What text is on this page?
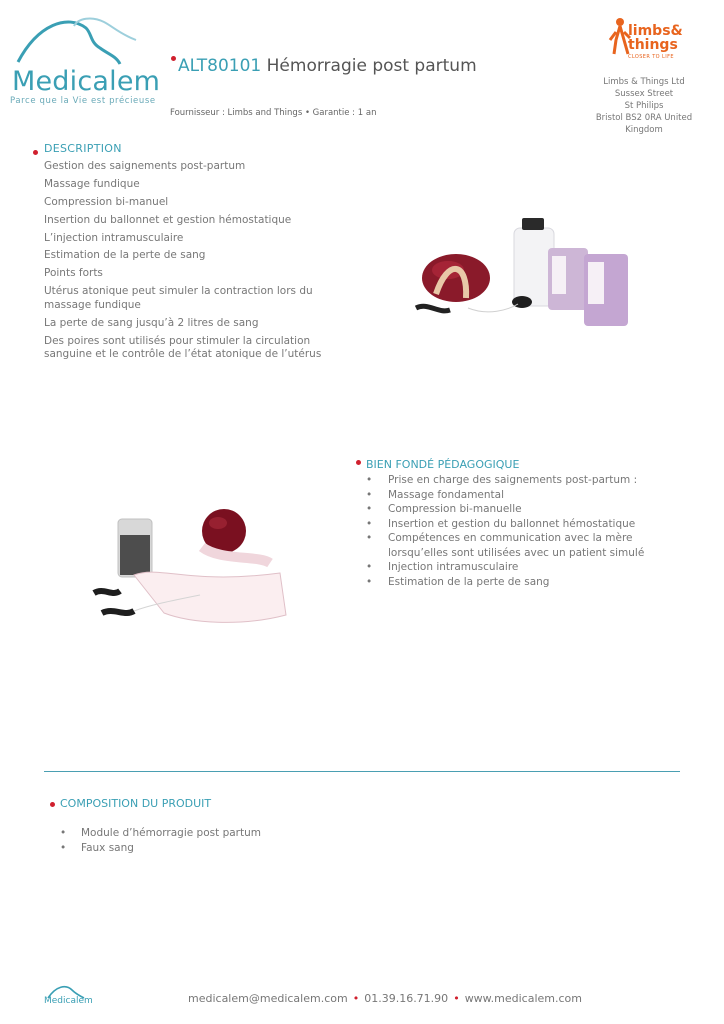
Medicalem
Parce que la Vie est précieuse
ALT80101 Hémorragie post partum
Fournisseur : Limbs and Things • Garantie : 1 an
limbs&
things
CLOSER TO LIFE
Limbs & Things Ltd
Sussex Street
St Philips
Bristol BS2 0RA United
Kingdom
DESCRIPTION
Gestion des saignements post-partum
Massage fundique
Compression bi-manuel
Insertion du ballonnet et gestion hémostatique
L’injection intramusculaire
Estimation de la perte de sang
Points forts
Utérus atonique peut simuler la contraction lors du massage fundique
La perte de sang jusqu’à 2 litres de sang
Des poires sont utilisés pour stimuler la circulation sanguine et le contrôle de l’état atonique de l’utérus
BIEN FONDÉ PÉDAGOGIQUE
• Prise en charge des saignements post-partum :
• Massage fondamental
• Compression bi-manuelle
• Insertion et gestion du ballonnet hémostatique
• Compétences en communication avec la mère lorsqu’elles sont utilisées avec un patient simulé
• Injection intramusculaire
• Estimation de la perte de sang
COMPOSITION DU PRODUIT
• Module d’hémorragie post partum
• Faux sang
Medicalem	medicalem@medicalem.com • 01.39.16.71.90 • www.medicalem.com
